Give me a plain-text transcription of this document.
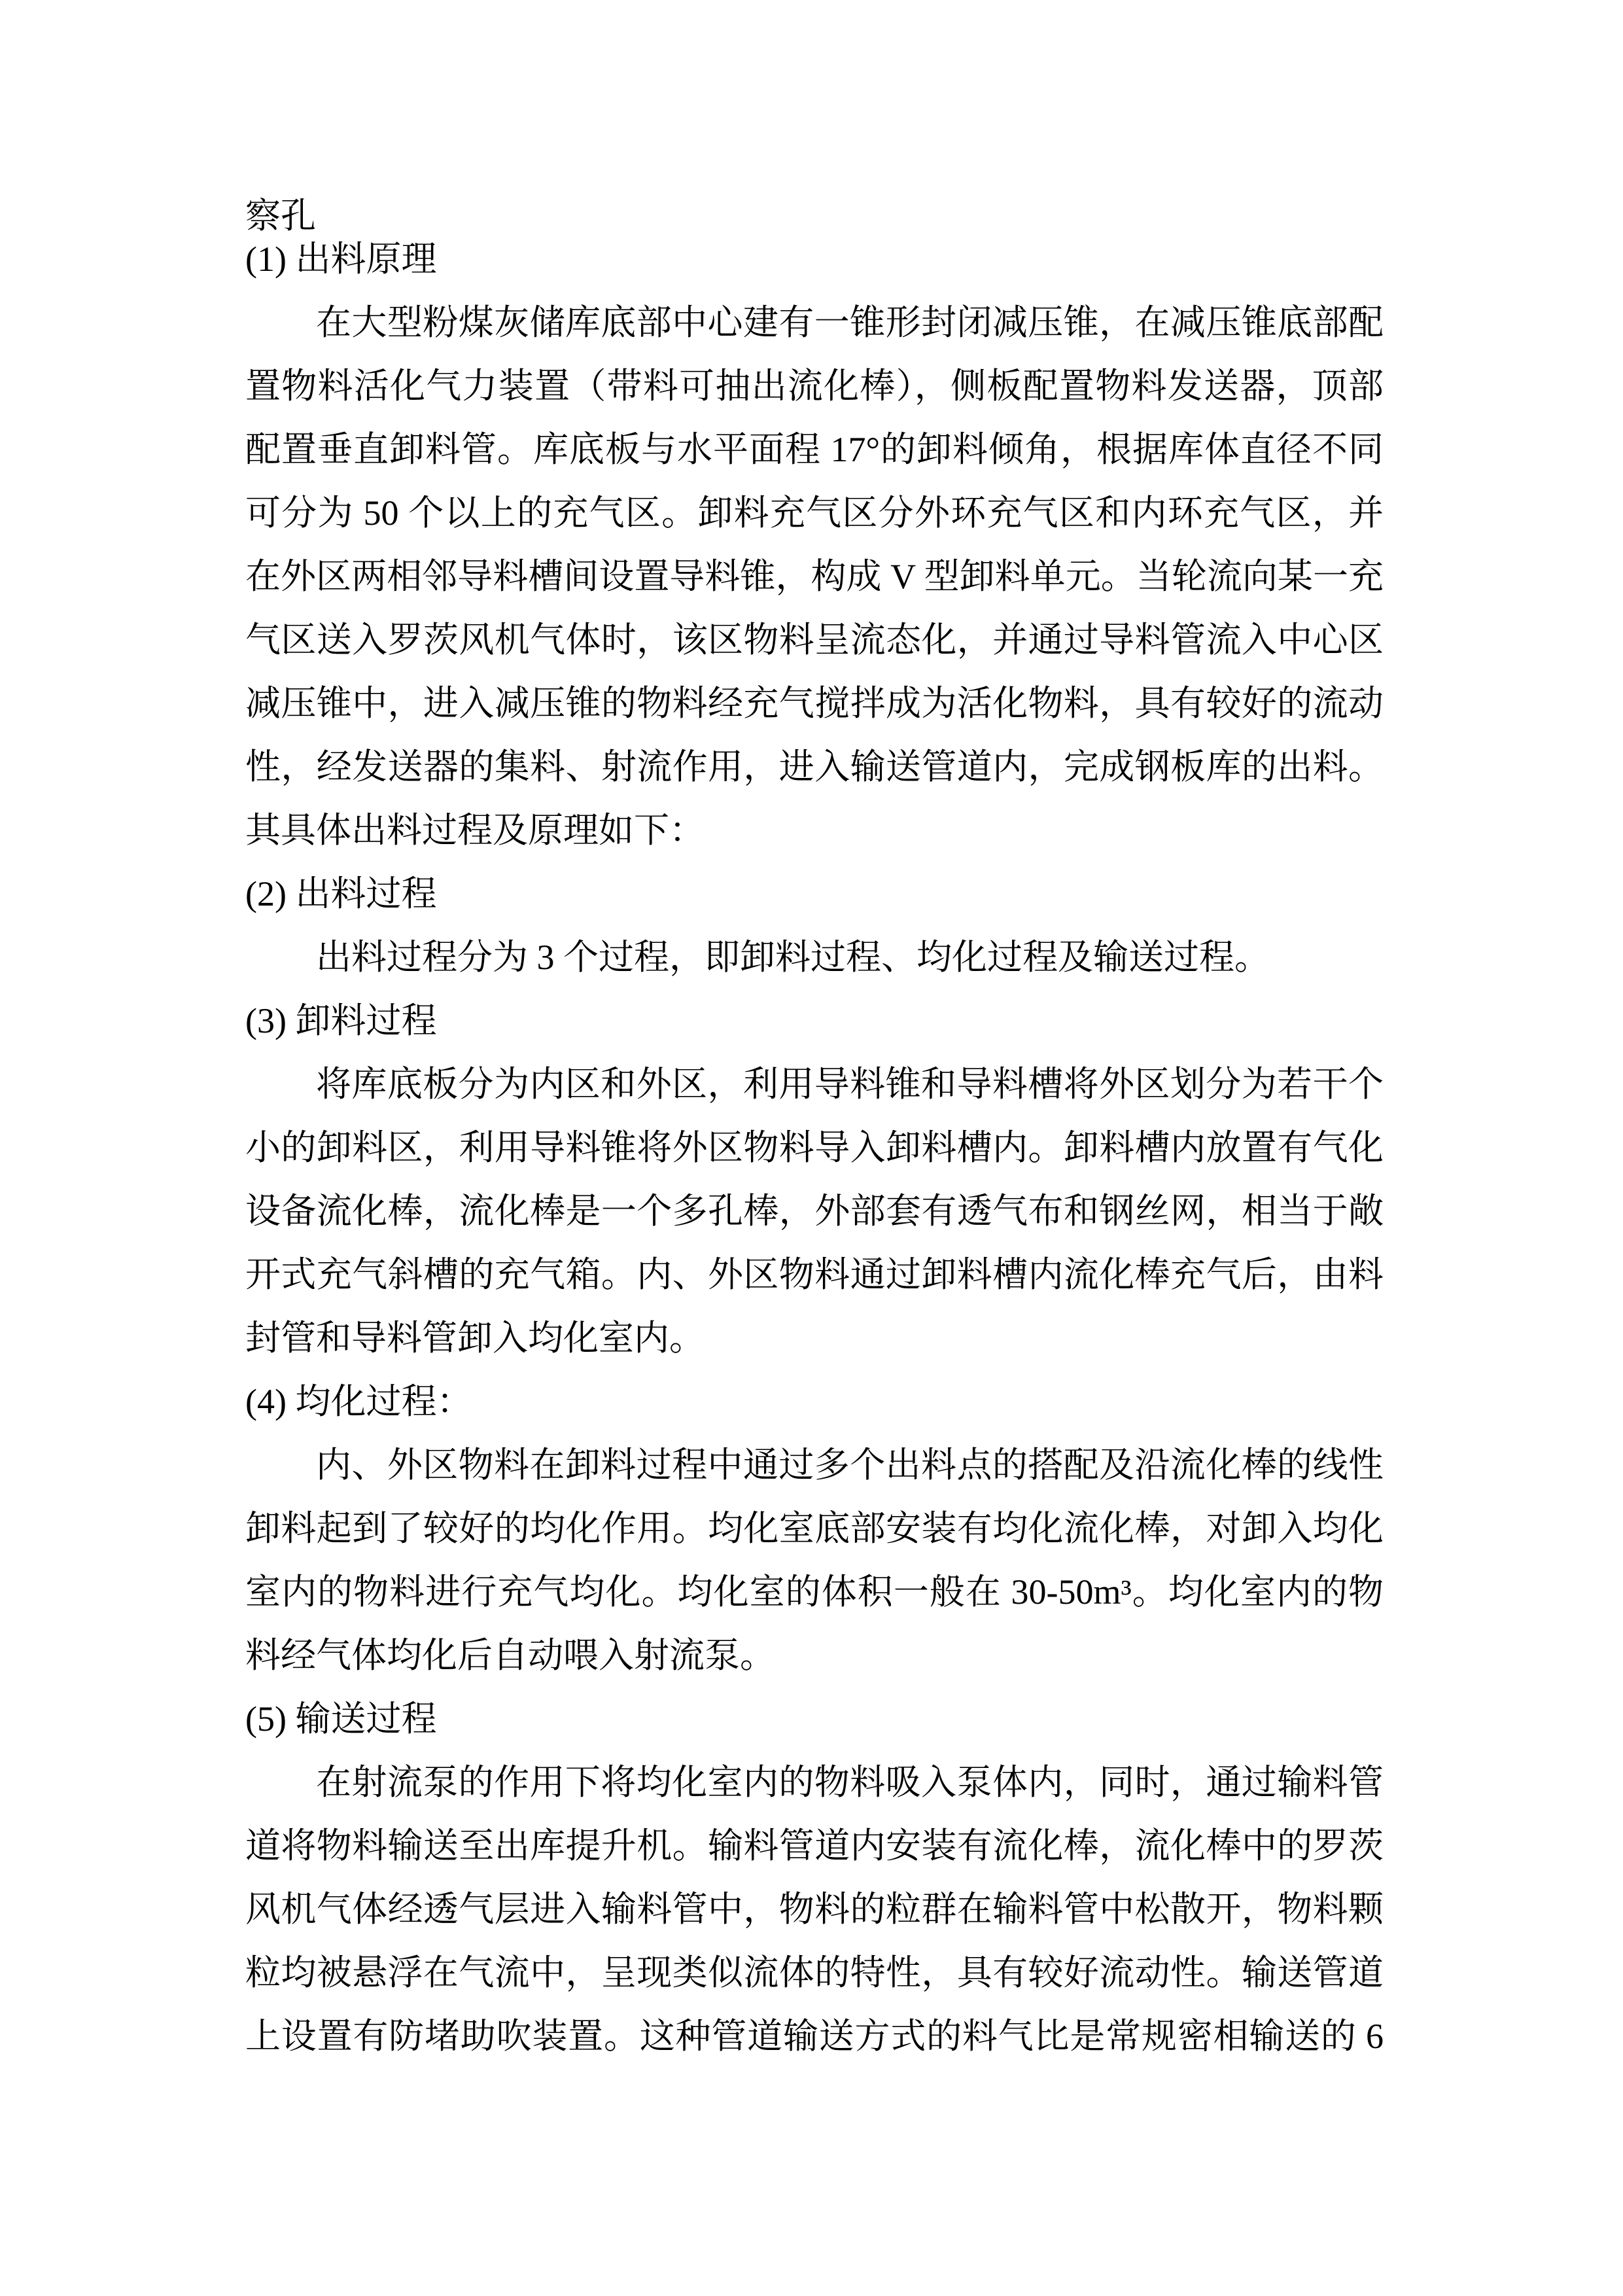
察孔
(1) 出料原理
在大型粉煤灰储库底部中心建有一锥形封闭减压锥，在减压锥底部配
置物料活化气力装置（带料可抽出流化棒），侧板配置物料发送器，顶部
配置垂直卸料管。库底板与水平面程 17°的卸料倾角，根据库体直径不同
可分为 50 个以上的充气区。卸料充气区分外环充气区和内环充气区，并
在外区两相邻导料槽间设置导料锥，构成 V 型卸料单元。当轮流向某一充
气区送入罗茨风机气体时，该区物料呈流态化，并通过导料管流入中心区
减压锥中，进入减压锥的物料经充气搅拌成为活化物料，具有较好的流动
性，经发送器的集料、射流作用，进入输送管道内，完成钢板库的出料。
其具体出料过程及原理如下：
(2) 出料过程
出料过程分为 3 个过程，即卸料过程、均化过程及输送过程。
(3) 卸料过程
将库底板分为内区和外区，利用导料锥和导料槽将外区划分为若干个
小的卸料区，利用导料锥将外区物料导入卸料槽内。卸料槽内放置有气化
设备流化棒，流化棒是一个多孔棒，外部套有透气布和钢丝网，相当于敞
开式充气斜槽的充气箱。内、外区物料通过卸料槽内流化棒充气后，由料
封管和导料管卸入均化室内。
(4) 均化过程：
内、外区物料在卸料过程中通过多个出料点的搭配及沿流化棒的线性
卸料起到了较好的均化作用。均化室底部安装有均化流化棒，对卸入均化
室内的物料进行充气均化。均化室的体积一般在 30-50m³。均化室内的物
料经气体均化后自动喂入射流泵。
(5) 输送过程
在射流泵的作用下将均化室内的物料吸入泵体内，同时，通过输料管
道将物料输送至出库提升机。输料管道内安装有流化棒，流化棒中的罗茨
风机气体经透气层进入输料管中，物料的粒群在输料管中松散开，物料颗
粒均被悬浮在气流中，呈现类似流体的特性，具有较好流动性。输送管道
上设置有防堵助吹装置。这种管道输送方式的料气比是常规密相输送的 6
